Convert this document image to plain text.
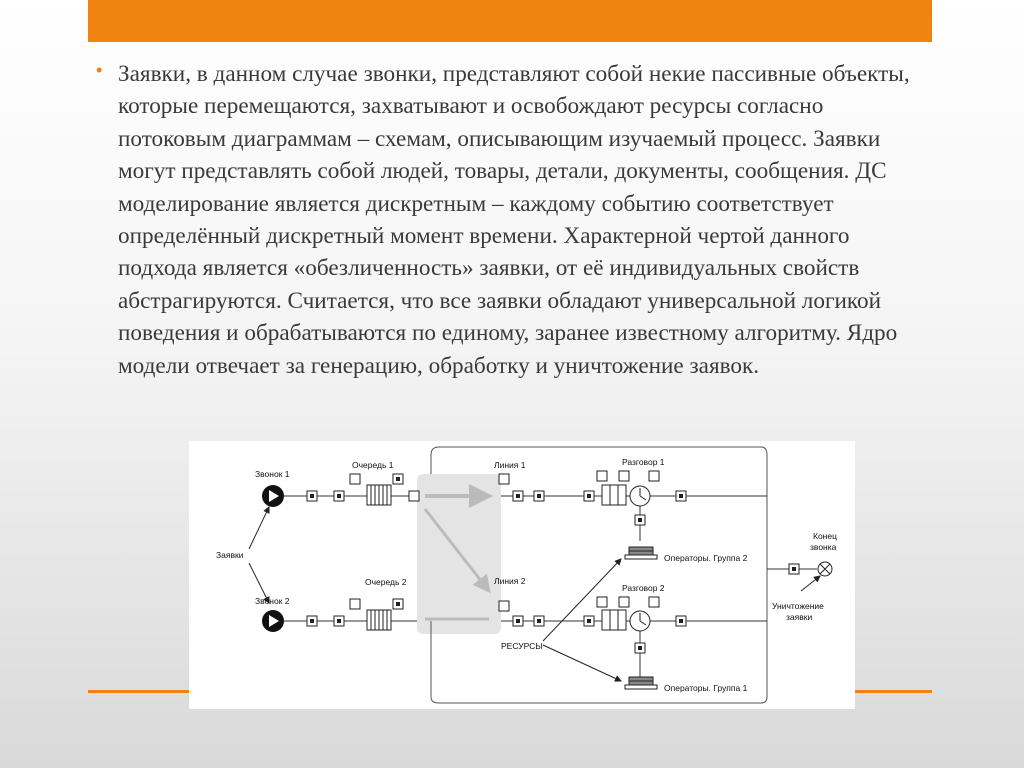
• Заявки, в данном случае звонки, представляют собой некие пассивные объекты, которые перемещаются, захватывают и освобождают ресурсы согласно потоковым диаграммам – схемам, описывающим изучаемый процесс. Заявки могут представлять собой людей, товары, детали, документы, сообщения. ДС моделирование является дискретным – каждому событию соответствует определённый дискретный момент времени. Характерной чертой данного подхода является «обезличенность» заявки, от её индивидуальных свойств абстрагируются. Считается, что все заявки обладают универсальной логикой поведения и обрабатываются по единому, заранее известному алгоритму. Ядро модели отвечает за генерацию, обработку и уничтожение заявок.

Заявки
Звонок 1
Очередь 1	Линия 1	Разговор 1
Операторы. Группа 2
Звонок 2
Очередь 2	Линия 2
Разговор 2
Операторы. Группа 1
РЕСУРСЫ
Конец
звонка
Уничтожение
заявки
